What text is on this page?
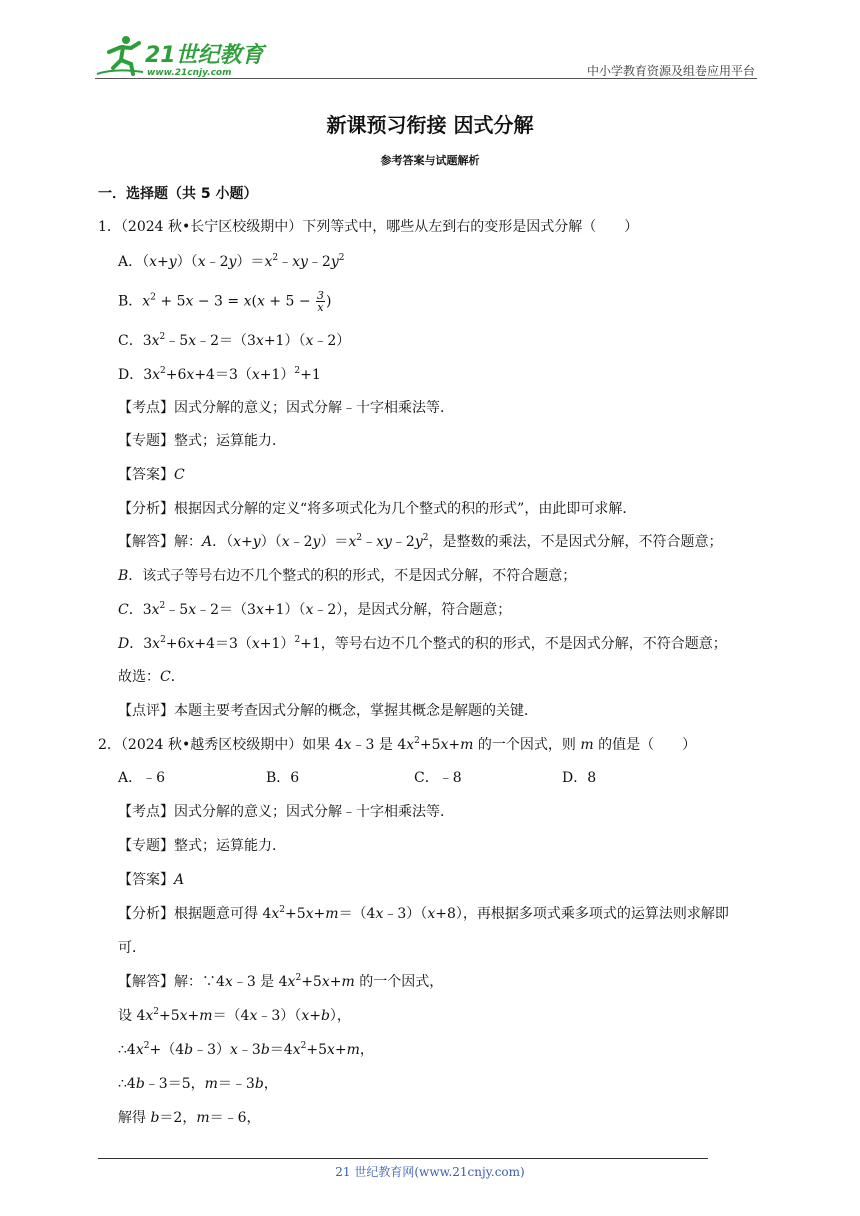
21世纪教育
www.21cnjy.com	中小学教育资源及组卷应用平台
新课预习衔接 因式分解
参考答案与试题解析
一．选择题（共 5 小题）
1．（2024 秋•长宁区校级期中）下列等式中，哪些从左到右的变形是因式分解（　　）
A．$(x+y)(x﹣2y)=x^2﹣xy﹣2y^2$
B．$x^2 + 5x - 3 = x(x + 5 - \frac{3}{x}$ )
C．$3x^2﹣5x﹣2=(3x+1)(x﹣2)$
D．$3x^2+6x+4=3(x+1)^2+1$
【考点】因式分解的意义；因式分解﹣十字相乘法等．
【专题】整式；运算能力．
【答案】C
【分析】根据因式分解的定义“将多项式化为几个整式的积的形式”，由此即可求解．
【解答】解：A．$(x+y)(x﹣2y)=x^2﹣xy﹣2y^2$，是整数的乘法，不是因式分解，不符合题意；
B．该式子等号右边不几个整式的积的形式，不是因式分解，不符合题意；
C．$3x^2﹣5x﹣2=(3x+1)(x﹣2)$，是因式分解，符合题意；
D．$3x^2+6x+4=3(x+1)^2+1$，等号右边不几个整式的积的形式，不是因式分解，不符合题意；
故选：C．
【点评】本题主要考查因式分解的概念，掌握其概念是解题的关键．
2．（2024 秋•越秀区校级期中）如果 4x﹣3 是 $4x^2+5x+m$ 的一个因式，则 m 的值是（　　）
A．﹣6	B．6	C．﹣8	D．8
【考点】因式分解的意义；因式分解﹣十字相乘法等．
【专题】整式；运算能力．
【答案】A
【分析】根据题意可得 $4x^2+5x+m=(4x﹣3)(x+8)$，再根据多项式乘多项式的运算法则求解即
可．
【解答】解：∵4x﹣3 是 $4x^2+5x+m$ 的一个因式，
设 $4x^2+5x+m=(4x﹣3)(x+b)$，
$\therefore 4x^2+(4b﹣3)x﹣3b=4x^2+5x+m$，
∴4b﹣3＝5，m＝﹣3b，
解得 b＝2，m＝﹣6，
21 世纪教育网(www.21cnjy.com)
